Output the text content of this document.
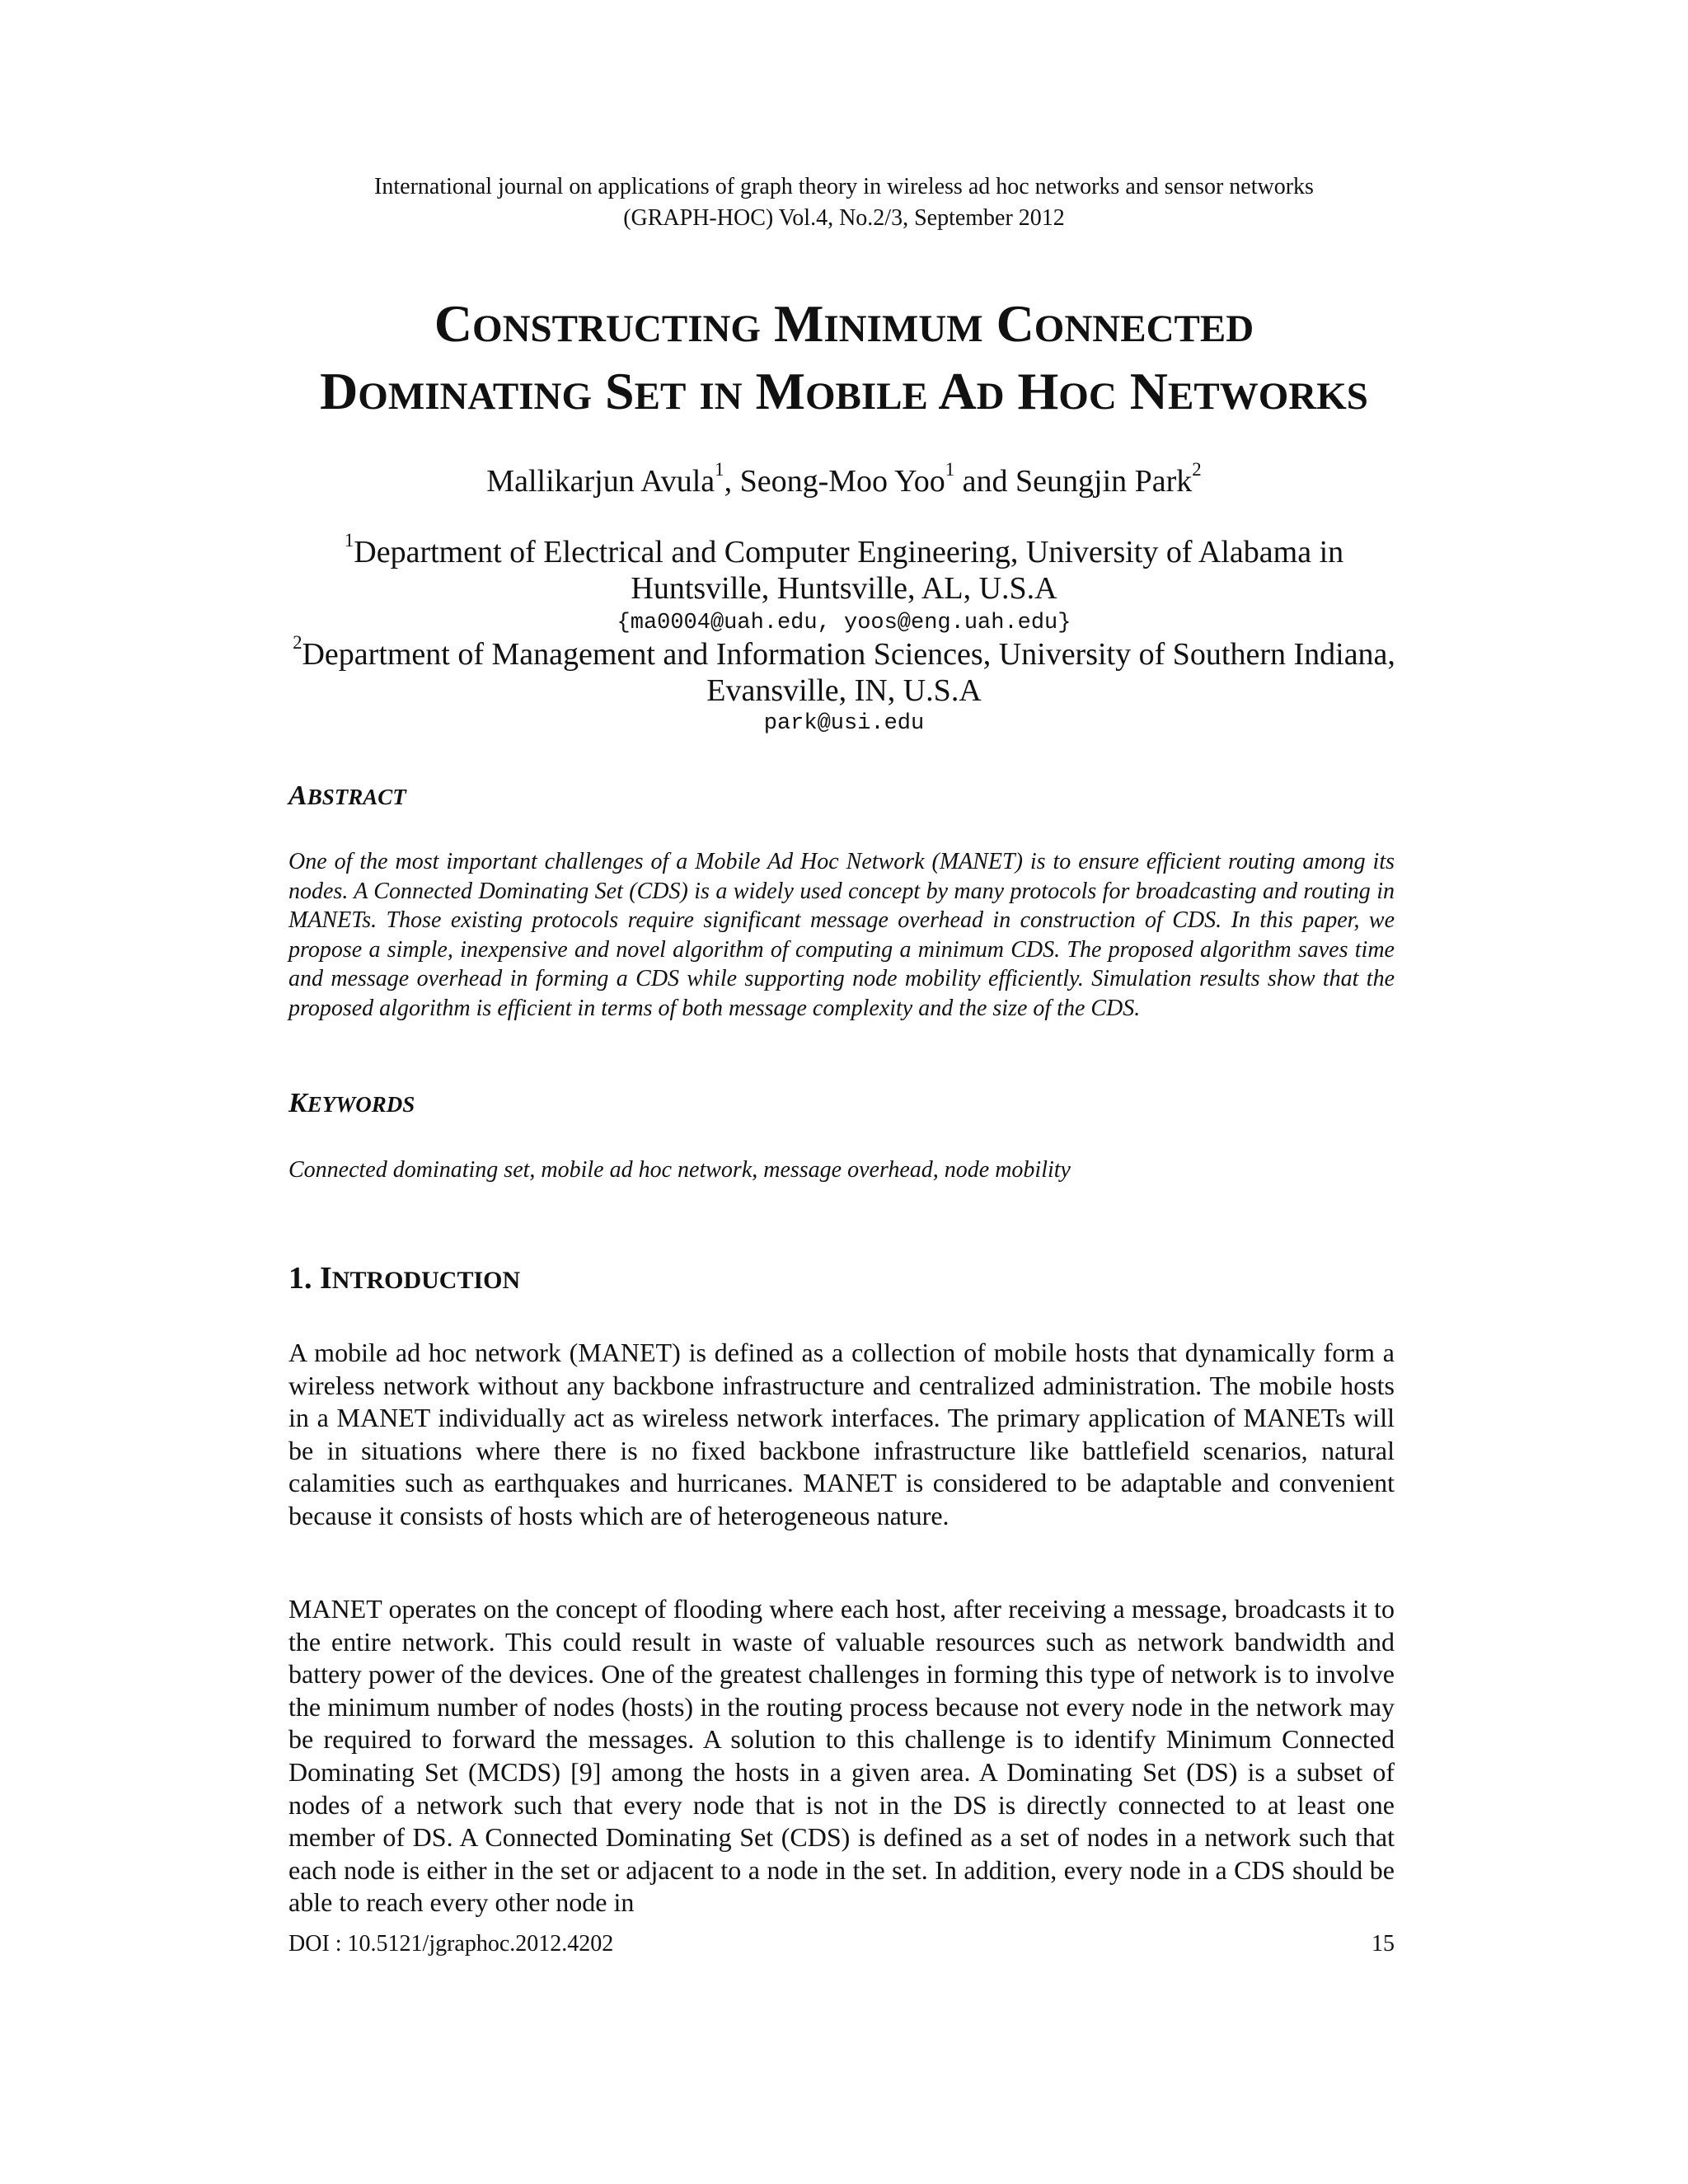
International journal on applications of graph theory in wireless ad hoc networks and sensor networks
(GRAPH-HOC) Vol.4, No.2/3, September 2012
CONSTRUCTING MINIMUM CONNECTED
DOMINATING SET IN MOBILE AD HOC NETWORKS
Mallikarjun Avula$^1$, Seong-Moo Yoo$^1$ and Seungjin Park$^2$
$^1$Department of Electrical and Computer Engineering, University of Alabama in
Huntsville, Huntsville, AL, U.S.A
{ma0004@uah.edu, yoos@eng.uah.edu}
$^2$Department of Management and Information Sciences, University of Southern Indiana,
Evansville, IN, U.S.A
park@usi.edu
ABSTRACT
One of the most important challenges of a Mobile Ad Hoc Network (MANET) is to ensure efficient routing among its nodes. A Connected Dominating Set (CDS) is a widely used concept by many protocols for broadcasting and routing in MANETs. Those existing protocols require significant message overhead in construction of CDS. In this paper, we propose a simple, inexpensive and novel algorithm of computing a minimum CDS. The proposed algorithm saves time and message overhead in forming a CDS while supporting node mobility efficiently. Simulation results show that the proposed algorithm is efficient in terms of both message complexity and the size of the CDS.
KEYWORDS
Connected dominating set, mobile ad hoc network, message overhead, node mobility
1. INTRODUCTION
A mobile ad hoc network (MANET) is defined as a collection of mobile hosts that dynamically form a wireless network without any backbone infrastructure and centralized administration. The mobile hosts in a MANET individually act as wireless network interfaces. The primary application of MANETs will be in situations where there is no fixed backbone infrastructure like battlefield scenarios, natural calamities such as earthquakes and hurricanes. MANET is considered to be adaptable and convenient because it consists of hosts which are of heterogeneous nature.
MANET operates on the concept of flooding where each host, after receiving a message, broadcasts it to the entire network. This could result in waste of valuable resources such as network bandwidth and battery power of the devices. One of the greatest challenges in forming this type of network is to involve the minimum number of nodes (hosts) in the routing process because not every node in the network may be required to forward the messages. A solution to this challenge is to identify Minimum Connected Dominating Set (MCDS) [9] among the hosts in a given area. A Dominating Set (DS) is a subset of nodes of a network such that every node that is not in the DS is directly connected to at least one member of DS. A Connected Dominating Set (CDS) is defined as a set of nodes in a network such that each node is either in the set or adjacent to a node in the set. In addition, every node in a CDS should be able to reach every other node in
DOI : 10.5121/jgraphoc.2012.4202	15
